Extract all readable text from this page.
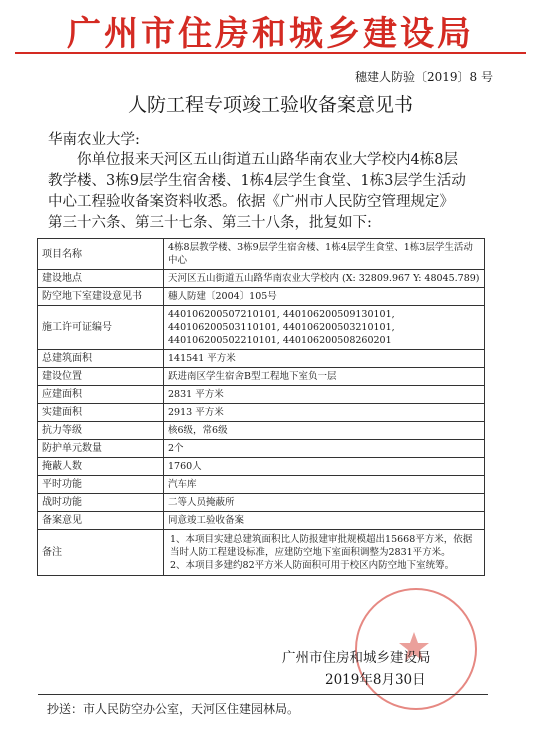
广州市住房和城乡建设局
穗建人防验〔2019〕8 号
人防工程专项竣工验收备案意见书
华南农业大学:
你单位报来天河区五山街道五山路华南农业大学校内4栋8层教学楼、3栋9层学生宿舍楼、1栋4层学生食堂、1栋3层学生活动中心工程验收备案资料收悉。依据《广州市人民防空管理规定》第三十六条、第三十七条、第三十八条，批复如下:
项目名称	4栋8层教学楼、3栋9层学生宿舍楼、1栋4层学生食堂、1栋3层学生活动中心
建设地点	天河区五山街道五山路华南农业大学校内 (X: 32809.967 Y: 48045.789)
防空地下室建设意见书	穗人防建〔2004〕105号
施工许可证编号	440106200507210101, 440106200509130101, 440106200503110101, 440106200503210101, 440106200502210101, 440106200508260201
总建筑面积	141541 平方米
建设位置	跃进南区学生宿舍B型工程地下室负一层
应建面积	2831 平方米
实建面积	2913 平方米
抗力等级	核6级，常6级
防护单元数量	2个
掩蔽人数	1760人
平时功能	汽车库
战时功能	二等人员掩蔽所
备案意见	同意竣工验收备案
备注	1、本项目实建总建筑面积比人防报建审批规模超出15668平方米，依据当时人防工程建设标准，应建防空地下室面积调整为2831平方米。
2、本项目多建约82平方米人防面积可用于校区内防空地下室统筹。
广州市住房和城乡建设局
2019年8月30日
抄送：市人民防空办公室，天河区住建园林局。
